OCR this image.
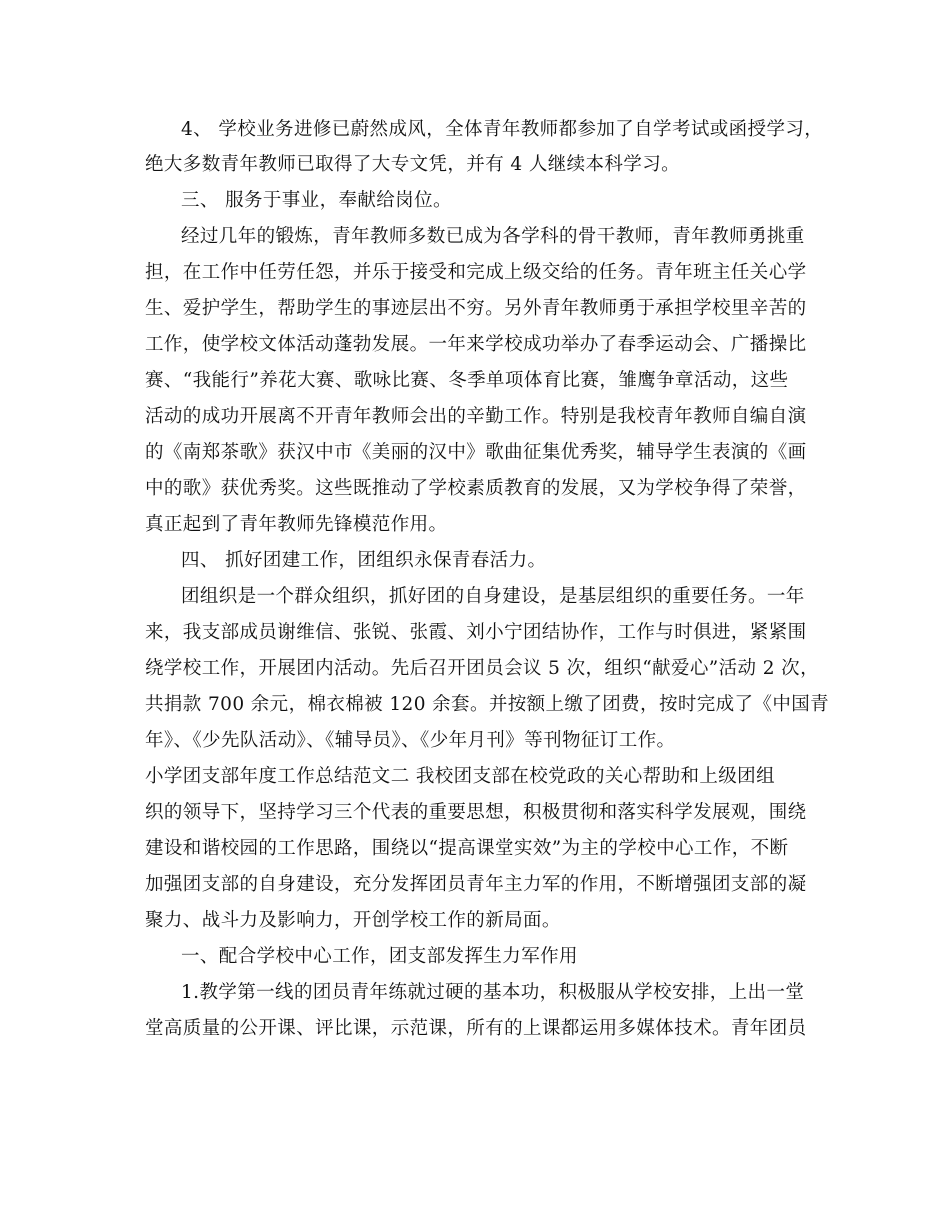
4、 学校业务进修已蔚然成风，全体青年教师都参加了自学考试或函授学习，
绝大多数青年教师已取得了大专文凭，并有 4 人继续本科学习。
三、 服务于事业，奉献给岗位。
经过几年的锻炼，青年教师多数已成为各学科的骨干教师，青年教师勇挑重
担，在工作中任劳任怨，并乐于接受和完成上级交给的任务。青年班主任关心学
生、爱护学生，帮助学生的事迹层出不穷。另外青年教师勇于承担学校里辛苦的
工作，使学校文体活动蓬勃发展。一年来学校成功举办了春季运动会、广播操比
赛、“我能行”养花大赛、歌咏比赛、冬季单项体育比赛，雏鹰争章活动，这些
活动的成功开展离不开青年教师会出的辛勤工作。特别是我校青年教师自编自演
的《南郑茶歌》获汉中市《美丽的汉中》歌曲征集优秀奖，辅导学生表演的《画
中的歌》获优秀奖。这些既推动了学校素质教育的发展，又为学校争得了荣誉，
真正起到了青年教师先锋模范作用。
四、 抓好团建工作，团组织永保青春活力。
团组织是一个群众组织，抓好团的自身建设，是基层组织的重要任务。一年
来，我支部成员谢维信、张锐、张霞、刘小宁团结协作，工作与时俱进，紧紧围
绕学校工作，开展团内活动。先后召开团员会议 5 次，组织“献爱心”活动 2 次，
共捐款 700 余元，棉衣棉被 120 余套。并按额上缴了团费，按时完成了《中国青
年》、《少先队活动》、《辅导员》、《少年月刊》等刊物征订工作。
小学团支部年度工作总结范文二 我校团支部在校党政的关心帮助和上级团组
织的领导下，坚持学习三个代表的重要思想，积极贯彻和落实科学发展观，围绕
建设和谐校园的工作思路，围绕以“提高课堂实效”为主的学校中心工作，不断
加强团支部的自身建设，充分发挥团员青年主力军的作用，不断增强团支部的凝
聚力、战斗力及影响力，开创学校工作的新局面。
一、配合学校中心工作，团支部发挥生力军作用
1.教学第一线的团员青年练就过硬的基本功，积极服从学校安排，上出一堂
堂高质量的公开课、评比课，示范课，所有的上课都运用多媒体技术。青年团员
